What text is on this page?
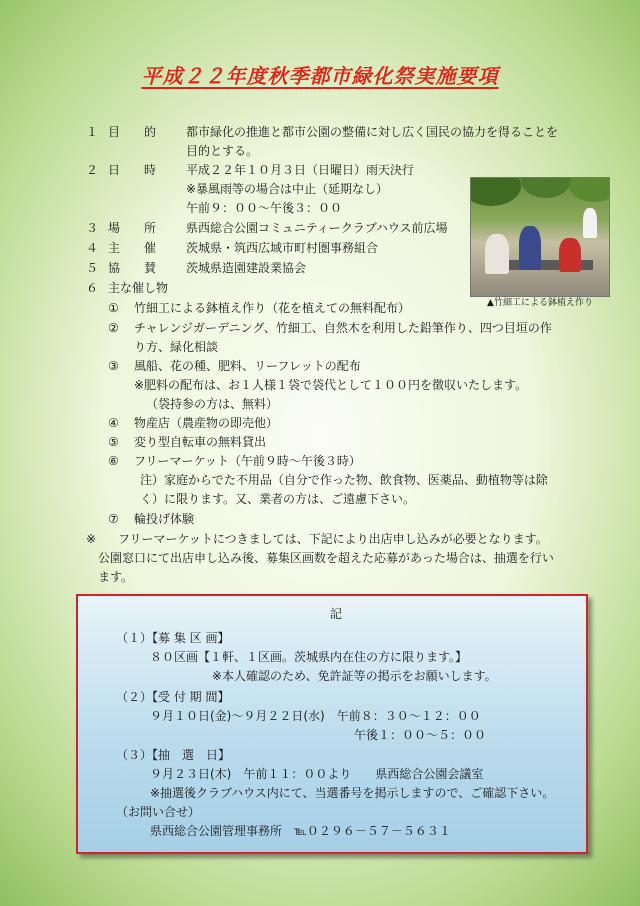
平成２２年度秋季都市緑化祭実施要項
１ 目　　的 都市緑化の推進と都市公園の整備に対し広く国民の協力を得ることを
目的とする。
２ 日　　時 平成２２年１０月３日（日曜日）雨天決行
※暴風雨等の場合は中止（延期なし）
午前９：００～午後３：００
３ 場　　所 県西総合公園コミュニティークラブハウス前広場
４ 主　　催 茨城県・筑西広域市町村圏事務組合
５ 協　　賛 茨城県造園建設業協会
６ 主な催し物
▲竹細工による鉢植え作り
① 竹細工による鉢植え作り（花を植えての無料配布）
② チャレンジガーデニング、竹細工、自然木を利用した鉛筆作り、四つ目垣の作
り方、緑化相談
③ 風船、花の種、肥料、リーフレットの配布
※肥料の配布は、お１人様１袋で袋代として１００円を徴収いたします。
（袋持参の方は、無料）
④ 物産店（農産物の即売他）
⑤ 変り型自転車の無料貸出
⑥ フリーマーケット（午前９時～午後３時）
注）家庭からでた不用品（自分で作った物、飲食物、医薬品、動植物等は除
く）に限ります。又、業者の方は、ご遠慮下さい。
⑦ 輪投げ体験
※ フリーマーケットにつきましては、下記により出店申し込みが必要となります。
公園窓口にて出店申し込み後、募集区画数を超えた応募があった場合は、抽選を行い
ます。
記
（１）【募 集 区 画】
８０区画【１軒、１区画。茨城県内在住の方に限ります。】
※本人確認のため、免許証等の掲示をお願いします。
（２）【受 付 期 間】
９月１０日(金)～９月２２日(水)　午前８：３０～１２：００
午後１：００～５：００
（３）【抽　選　日】
９月２３日(木)　午前１１：００より　　県西総合公園会議室
※抽選後クラブハウス内にて、当選番号を掲示しますので、ご確認下さい。
（お問い合せ）
県西総合公園管理事務所　℡０２９６－５７－５６３１
